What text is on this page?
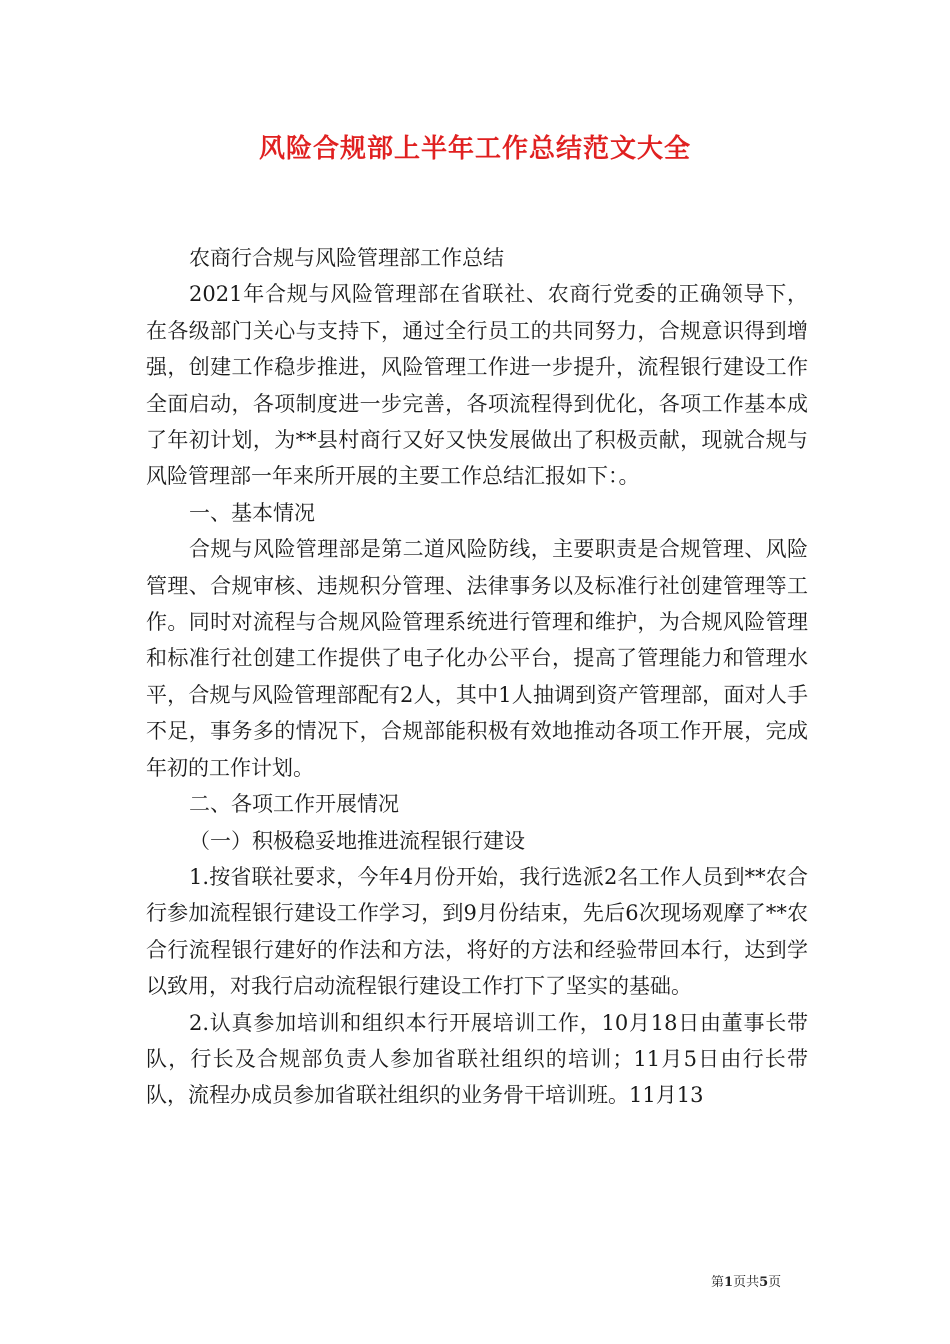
风险合规部上半年工作总结范文大全

农商行合规与风险管理部工作总结

2021年合规与风险管理部在省联社、农商行党委的正确领导下，在各级部门关心与支持下，通过全行员工的共同努力，合规意识得到增强，创建工作稳步推进，风险管理工作进一步提升，流程银行建设工作全面启动，各项制度进一步完善，各项流程得到优化，各项工作基本成了年初计划，为**县村商行又好又快发展做出了积极贡献，现就合规与风险管理部一年来所开展的主要工作总结汇报如下：。

一、基本情况

合规与风险管理部是第二道风险防线，主要职责是合规管理、风险管理、合规审核、违规积分管理、法律事务以及标准行社创建管理等工作。同时对流程与合规风险管理系统进行管理和维护，为合规风险管理和标准行社创建工作提供了电子化办公平台，提高了管理能力和管理水平，合规与风险管理部配有2人，其中1人抽调到资产管理部，面对人手不足，事务多的情况下，合规部能积极有效地推动各项工作开展，完成年初的工作计划。

二、各项工作开展情况

（一）积极稳妥地推进流程银行建设

1.按省联社要求，今年4月份开始，我行选派2名工作人员到**农合行参加流程银行建设工作学习，到9月份结束，先后6次现场观摩了**农合行流程银行建好的作法和方法，将好的方法和经验带回本行，达到学以致用，对我行启动流程银行建设工作打下了坚实的基础。

2.认真参加培训和组织本行开展培训工作，10月18日由董事长带队，行长及合规部负责人参加省联社组织的培训；11月5日由行长带队，流程办成员参加省联社组织的业务骨干培训班。11月13

第1页共5页
